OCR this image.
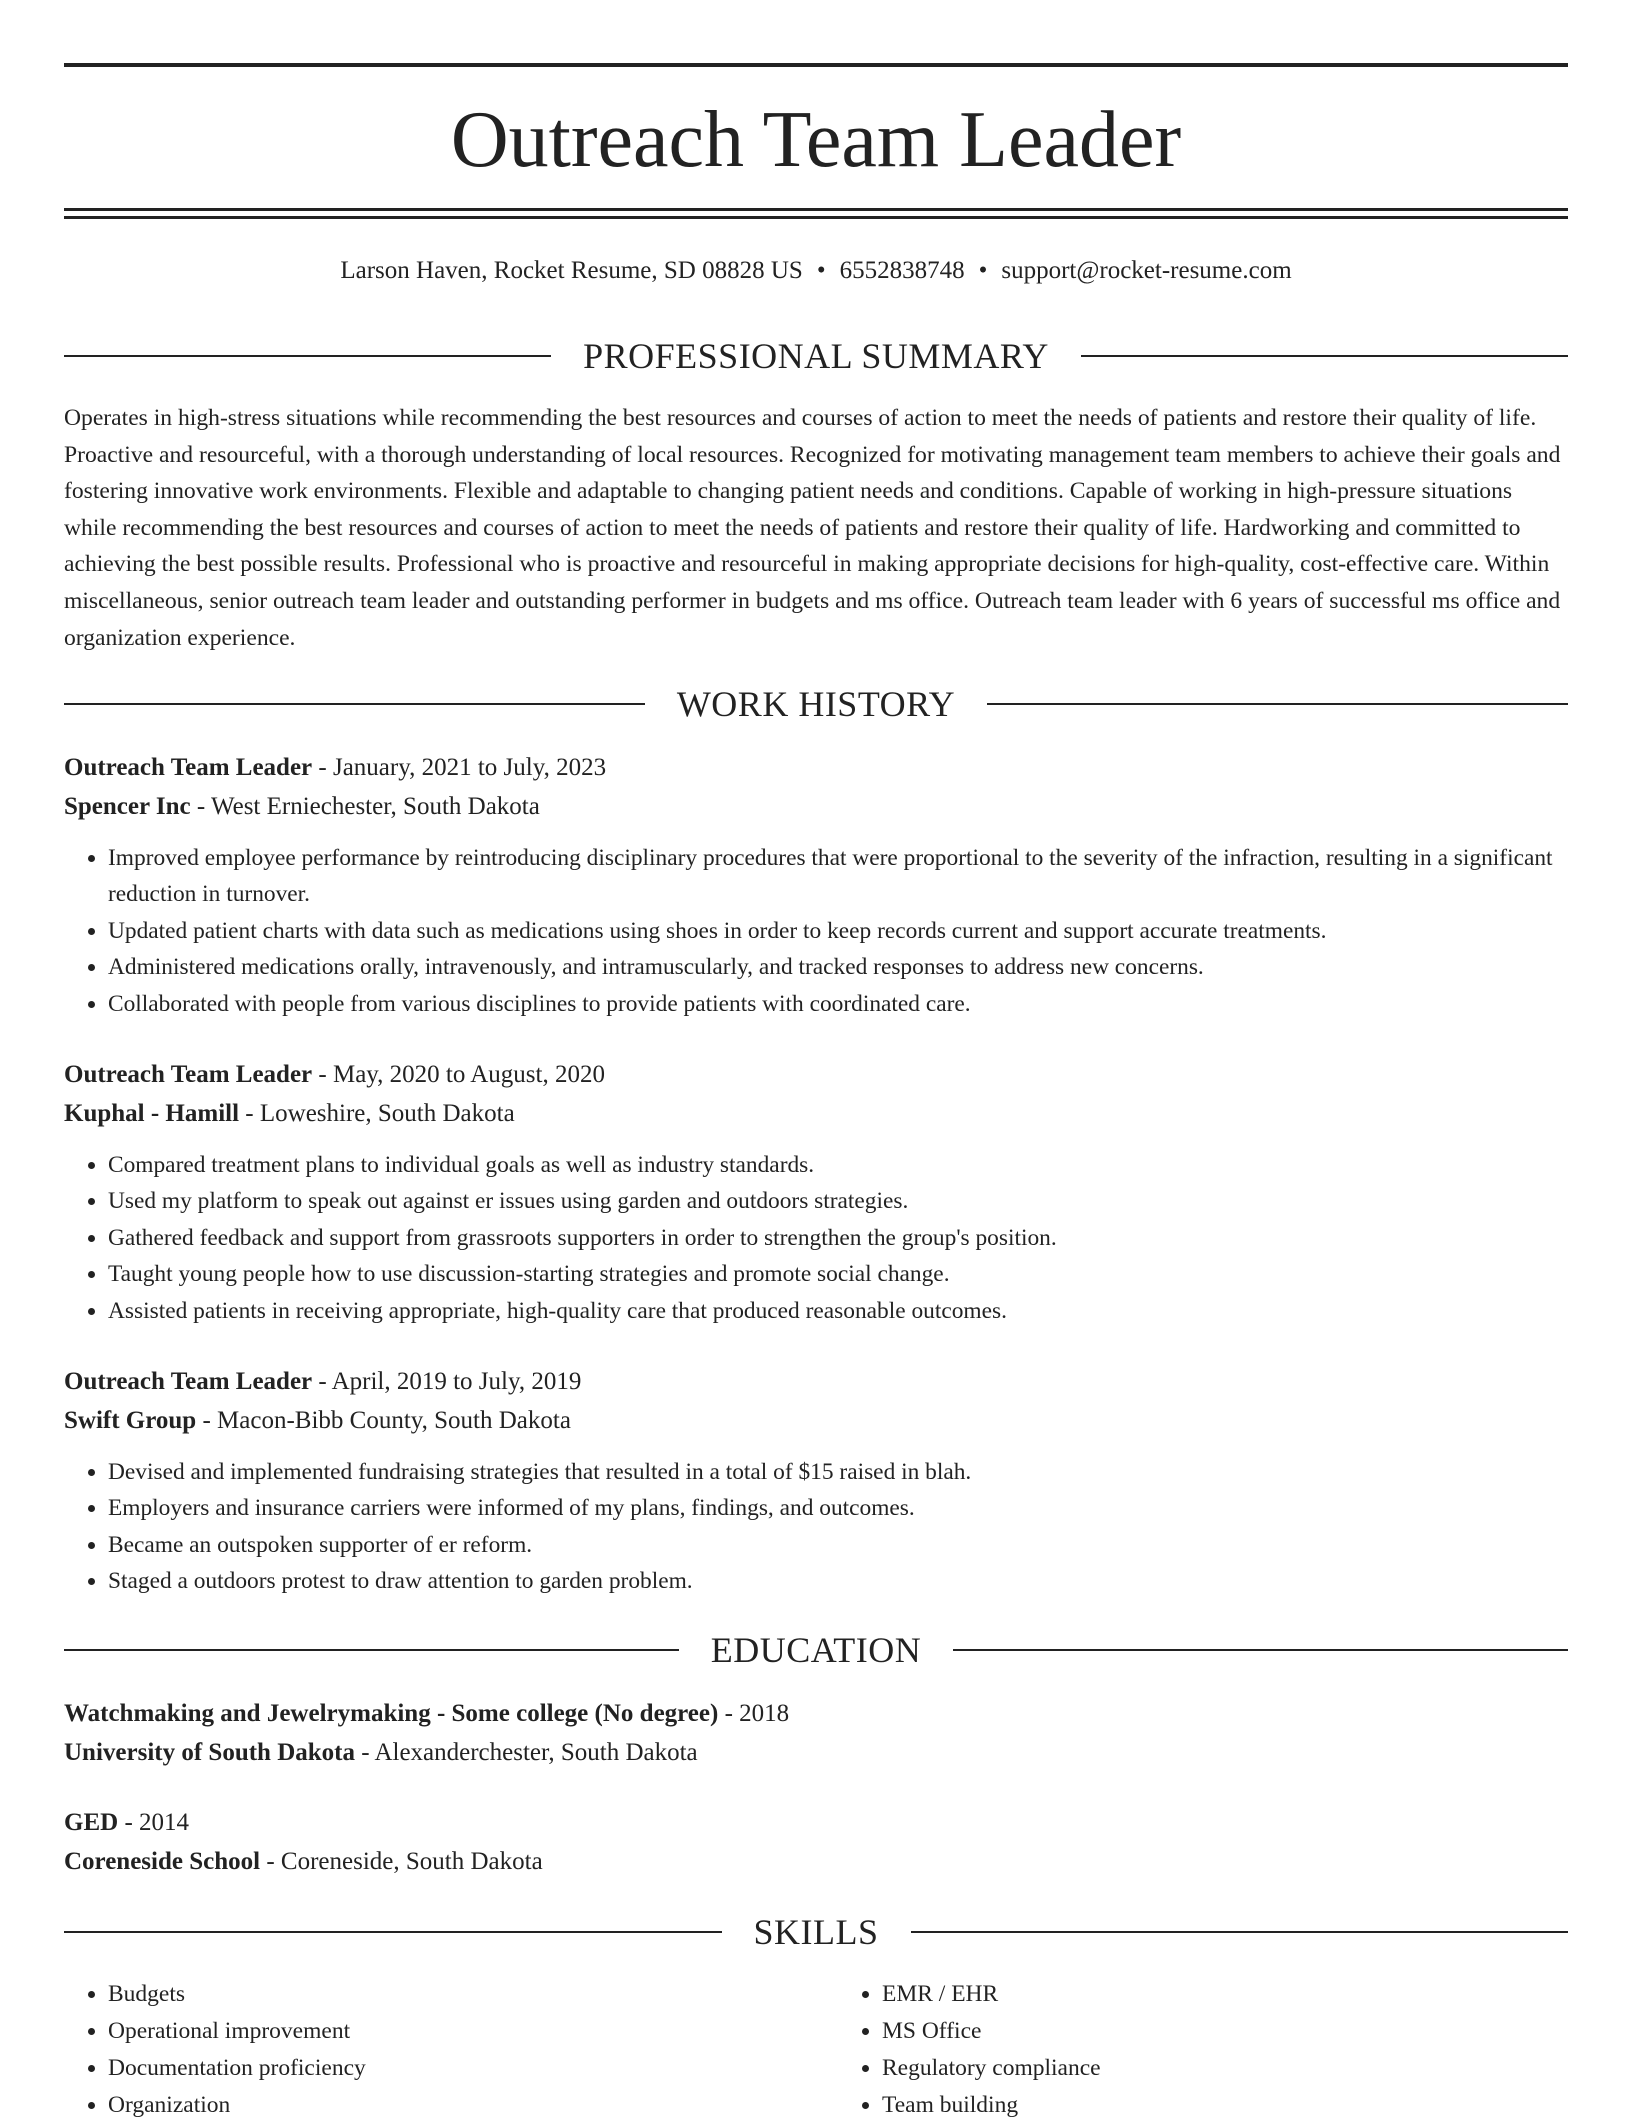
Outreach Team Leader
Larson Haven, Rocket Resume, SD 08828 US • 6552838748 • support@rocket-resume.com
PROFESSIONAL SUMMARY

Operates in high-stress situations while recommending the best resources and courses of action to meet the needs of patients and restore their quality of life. Proactive and resourceful, with a thorough understanding of local resources. Recognized for motivating management team members to achieve their goals and fostering innovative work environments. Flexible and adaptable to changing patient needs and conditions. Capable of working in high-pressure situations while recommending the best resources and courses of action to meet the needs of patients and restore their quality of life. Hardworking and committed to achieving the best possible results. Professional who is proactive and resourceful in making appropriate decisions for high-quality, cost-effective care. Within miscellaneous, senior outreach team leader and outstanding performer in budgets and ms office. Outreach team leader with 6 years of successful ms office and organization experience.

WORK HISTORY
Outreach Team Leader - January, 2021 to July, 2023
Spencer Inc - West Erniechester, South Dakota
• Improved employee performance by reintroducing disciplinary procedures that were proportional to the severity of the infraction, resulting in a significant reduction in turnover.
• Updated patient charts with data such as medications using shoes in order to keep records current and support accurate treatments.
• Administered medications orally, intravenously, and intramuscularly, and tracked responses to address new concerns.
• Collaborated with people from various disciplines to provide patients with coordinated care.
Outreach Team Leader - May, 2020 to August, 2020
Kuphal - Hamill - Loweshire, South Dakota
• Compared treatment plans to individual goals as well as industry standards.
• Used my platform to speak out against er issues using garden and outdoors strategies.
• Gathered feedback and support from grassroots supporters in order to strengthen the group's position.
• Taught young people how to use discussion-starting strategies and promote social change.
• Assisted patients in receiving appropriate, high-quality care that produced reasonable outcomes.
Outreach Team Leader - April, 2019 to July, 2019
Swift Group - Macon-Bibb County, South Dakota
• Devised and implemented fundraising strategies that resulted in a total of $15 raised in blah.
• Employers and insurance carriers were informed of my plans, findings, and outcomes.
• Became an outspoken supporter of er reform.
• Staged a outdoors protest to draw attention to garden problem.
EDUCATION
Watchmaking and Jewelrymaking - Some college (No degree) - 2018
University of South Dakota - Alexanderchester, South Dakota
GED - 2014
Coreneside School - Coreneside, South Dakota
SKILLS
• Budgets
• Operational improvement
• Documentation proficiency
• Organization
• EMR / EHR
• MS Office
• Regulatory compliance
• Team building
